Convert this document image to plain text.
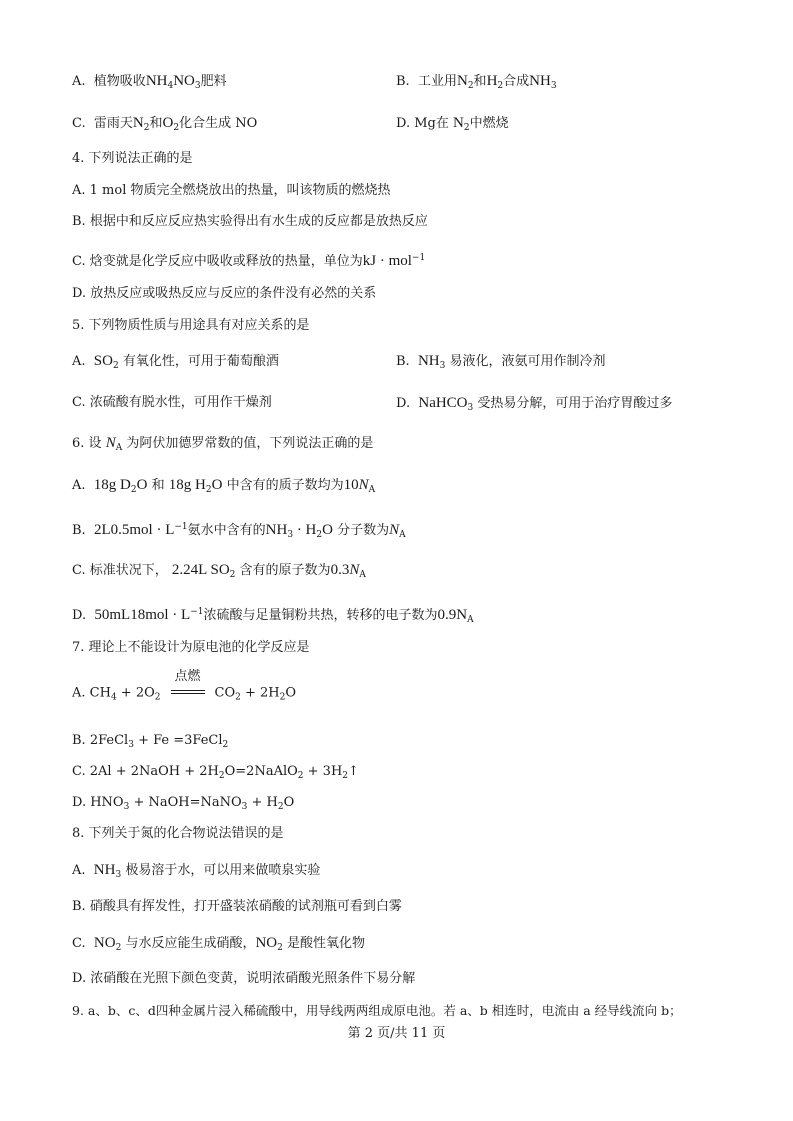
A. 植物吸收$NH_4NO_3$肥料	B. 工业用$N_2$和$H_2$合成$NH_3$
C. 雷雨天$N_2$和$O_2$化合生成 NO	D. Mg在 $N_2$中燃烧
4. 下列说法正确的是
A. 1 mol 物质完全燃烧放出的热量，叫该物质的燃烧热
B. 根据中和反应反应热实验得出有水生成的反应都是放热反应
C. 焓变就是化学反应中吸收或释放的热量，单位为kJ · mol$^{-1}$
D. 放热反应或吸热反应与反应的条件没有必然的关系
5. 下列物质性质与用途具有对应关系的是
A. $SO_2$ 有氧化性，可用于葡萄酿酒	B. $NH_3$ 易液化，液氨可用作制冷剂
C. 浓硫酸有脱水性，可用作干燥剂	D. NaHCO$_3$ 受热易分解，可用于治疗胃酸过多
6. 设 $N_A$ 为阿伏加德罗常数的值，下列说法正确的是
A. 18g $D_2O$ 和 18g $H_2O$ 中含有的质子数均为$10N_A$
B. $2L0.5mol \cdot L^{-1}$氨水中含有的$NH_3 \cdot H_2O$ 分子数为$N_A$
C. 标准状况下， 2.24L $SO_2$ 含有的原子数为$0.3N_A$
D. $50mL18mol \cdot L^{-1}$浓硫酸与足量铜粉共热，转移的电子数为$0.9N_A$
7. 理论上不能设计为原电池的化学反应是
A. $CH_4 + 2O_2$
点燃
$CO_2 + 2H_2O$
B. 2FeCl$_3$ + Fe =3FeCl$_2$
C. 2Al + 2NaOH + $2H_2O=2NaAlO_2$ + $3H_2↑$
D. $HNO_3$ + NaOH=NaNO$_3$ + $H_2O$
8. 下列关于氮的化合物说法错误的是
A. $NH_3$ 极易溶于水，可以用来做喷泉实验
B. 硝酸具有挥发性，打开盛装浓硝酸的试剂瓶可看到白雾
C. $NO_2$ 与水反应能生成硝酸，$NO_2$ 是酸性氧化物
D. 浓硝酸在光照下颜色变黄，说明浓硝酸光照条件下易分解
9. a、b、c、d四种金属片浸入稀硫酸中，用导线两两组成原电池。若 a、b 相连时，电流由 a 经导线流向 b；
第 2 页/共 11 页
